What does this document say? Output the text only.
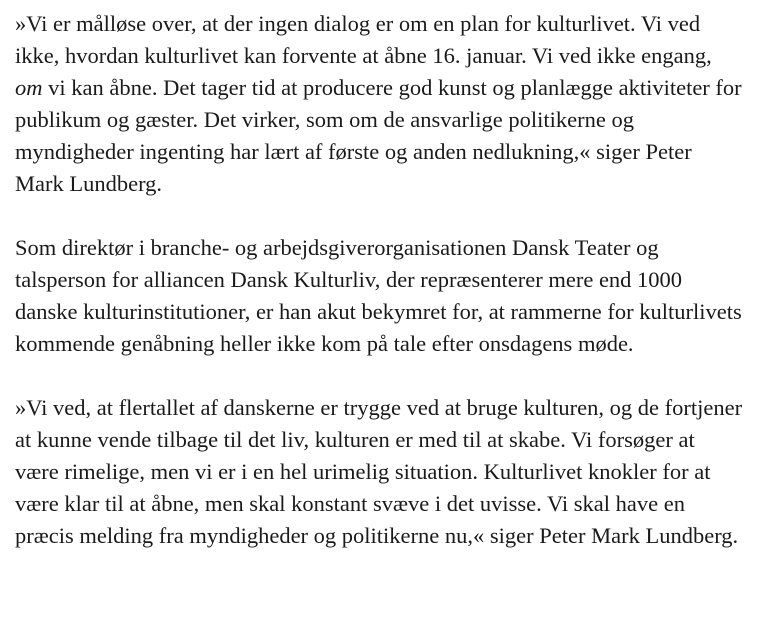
»Vi er målløse over, at der ingen dialog er om en plan for kulturlivet. Vi ved ikke, hvordan kulturlivet kan forvente at åbne 16. januar. Vi ved ikke engang, om vi kan åbne. Det tager tid at producere god kunst og planlægge aktiviteter for publikum og gæster. Det virker, som om de ansvarlige politikerne og myndigheder ingenting har lært af første og anden nedlukning,« siger Peter Mark Lundberg.

Som direktør i branche- og arbejdsgiverorganisationen Dansk Teater og talsperson for alliancen Dansk Kulturliv, der repræsenterer mere end 1000 danske kulturinstitutioner, er han akut bekymret for, at rammerne for kulturlivets kommende genåbning heller ikke kom på tale efter onsdagens møde.

»Vi ved, at flertallet af danskerne er trygge ved at bruge kulturen, og de fortjener at kunne vende tilbage til det liv, kulturen er med til at skabe. Vi forsøger at være rimelige, men vi er i en hel urimelig situation. Kulturlivet knokler for at være klar til at åbne, men skal konstant svæve i det uvisse. Vi skal have en præcis melding fra myndigheder og politikerne nu,« siger Peter Mark Lundberg.
